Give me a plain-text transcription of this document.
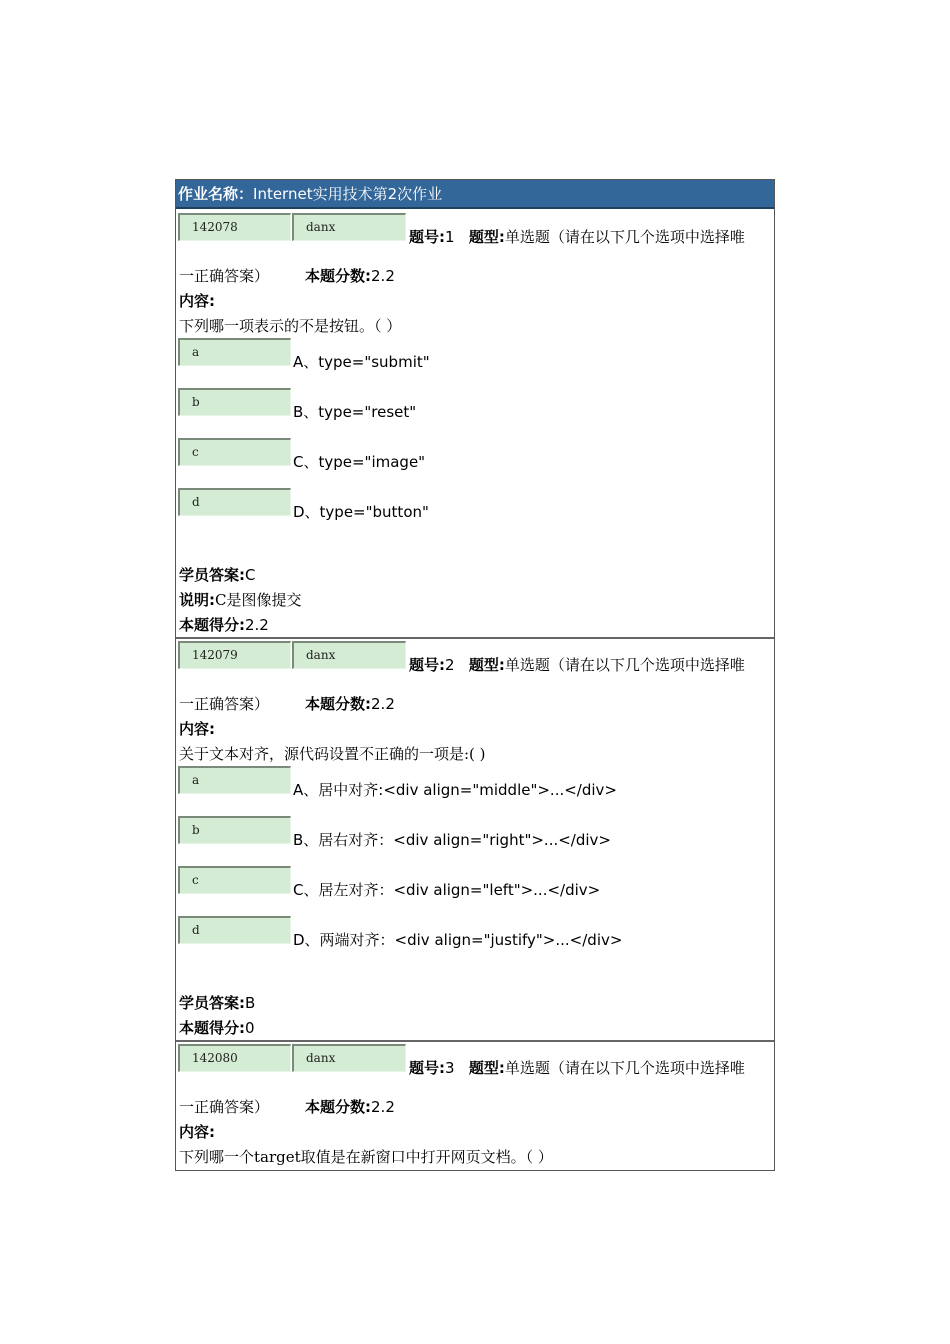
作业名称：Internet实用技术第2次作业
142078	danx
题号:1 题型:单选题（请在以下几个选项中选择唯
一正确答案） 本题分数:2.2
内容:
下列哪一项表示的不是按钮。（ ）
a
A、type="submit"
b
B、type="reset"
c
C、type="image"
d
D、type="button"
学员答案:C
说明:C是图像提交
本题得分:2.2
142079	danx
题号:2 题型:单选题（请在以下几个选项中选择唯
一正确答案） 本题分数:2.2
内容:
关于文本对齐，源代码设置不正确的一项是:( )
a
A、居中对齐:<div align="middle">...</div>
b
B、居右对齐：<div align="right">...</div>
c
C、居左对齐：<div align="left">...</div>
d
D、两端对齐：<div align="justify">...</div>
学员答案:B
本题得分:0
142080	danx
题号:3 题型:单选题（请在以下几个选项中选择唯
一正确答案） 本题分数:2.2
内容:
下列哪一个target取值是在新窗口中打开网页文档。（ ）
